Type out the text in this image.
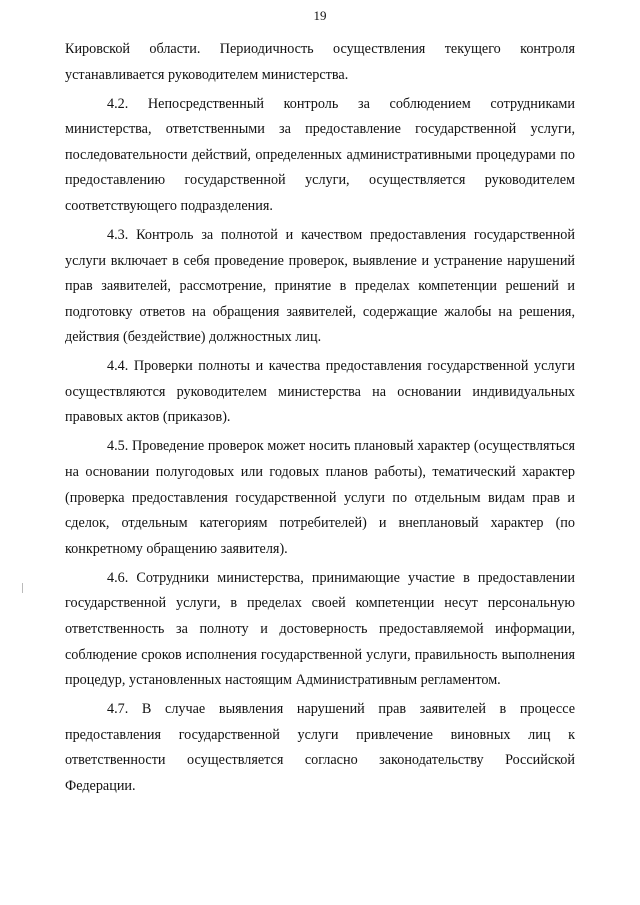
19

Кировской области. Периодичность осуществления текущего контроля устанавливается руководителем министерства.

4.2. Непосредственный контроль за соблюдением сотрудниками министерства, ответственными за предоставление государственной услуги, последовательности действий, определенных административными процедурами по предоставлению государственной услуги, осуществляется руководителем соответствующего подразделения.

4.3. Контроль за полнотой и качеством предоставления государственной услуги включает в себя проведение проверок, выявление и устранение нарушений прав заявителей, рассмотрение, принятие в пределах компетенции решений и подготовку ответов на обращения заявителей, содержащие жалобы на решения, действия (бездействие) должностных лиц.

4.4. Проверки полноты и качества предоставления государственной услуги осуществляются руководителем министерства на основании индивидуальных правовых актов (приказов).

4.5. Проведение проверок может носить плановый характер (осуществляться на основании полугодовых или годовых планов работы), тематический характер (проверка предоставления государственной услуги по отдельным видам прав и сделок, отдельным категориям потребителей) и внеплановый характер (по конкретному обращению заявителя).

4.6. Сотрудники министерства, принимающие участие в предоставлении государственной услуги, в пределах своей компетенции несут персональную ответственность за полноту и достоверность предоставляемой информации, соблюдение сроков исполнения государственной услуги, правильность выполнения процедур, установленных настоящим Административным регламентом.

4.7. В случае выявления нарушений прав заявителей в процессе предоставления государственной услуги привлечение виновных лиц к ответственности осуществляется согласно законодательству Российской Федерации.
